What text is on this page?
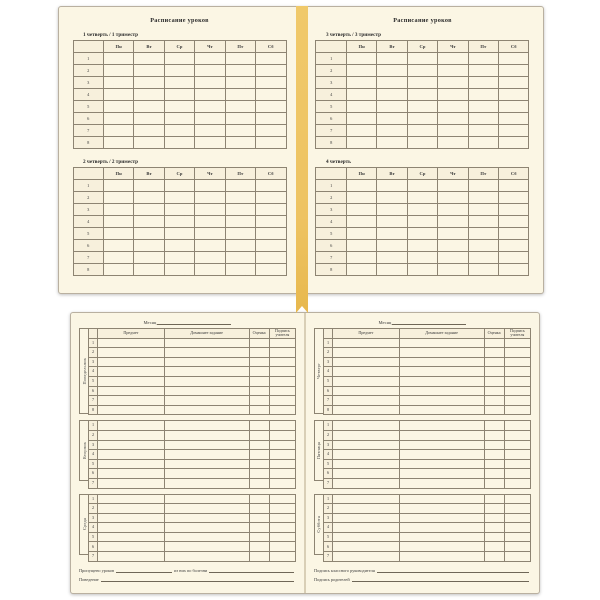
Расписание уроков
1 четверть / 1 триместр
	Пн	Вт	Ср	Чт	Пт	Сб
1						
2						
3						
4						
5						
6						
7						
8						
2 четверть / 2 триместр
	Пн	Вт	Ср	Чт	Пт	Сб
1						
2						
3						
4						
5						
6						
7						
8						
Расписание уроков
3 четверть / 3 триместр
	Пн	Вт	Ср	Чт	Пт	Сб
1						
2						
3						
4						
5						
6						
7						
8						
4 четверть
	Пн	Вт	Ср	Чт	Пт	Сб
1						
2						
3						
4						
5						
6						
7						
8						
Месяц
Понедельник
	Предмет	Домашнее задание	Оценка	Подпись учителя
1				
2				
3				
4				
5				
6				
7				
8				
Вторник
1				
2				
3				
4				
5				
6				
7				
Среда
1				
2				
3				
4				
5				
6				
7				
Пропущено уроков	из них по болезни
Поведение
Месяц
Четверг
	Предмет	Домашнее задание	Оценка	Подпись учителя
1				
2				
3				
4				
5				
6				
7				
8				
Пятница
1				
2				
3				
4				
5				
6				
7				
Суббота
1				
2				
3				
4				
5				
6				
7				
Подпись классного руководителя
Подпись родителей
